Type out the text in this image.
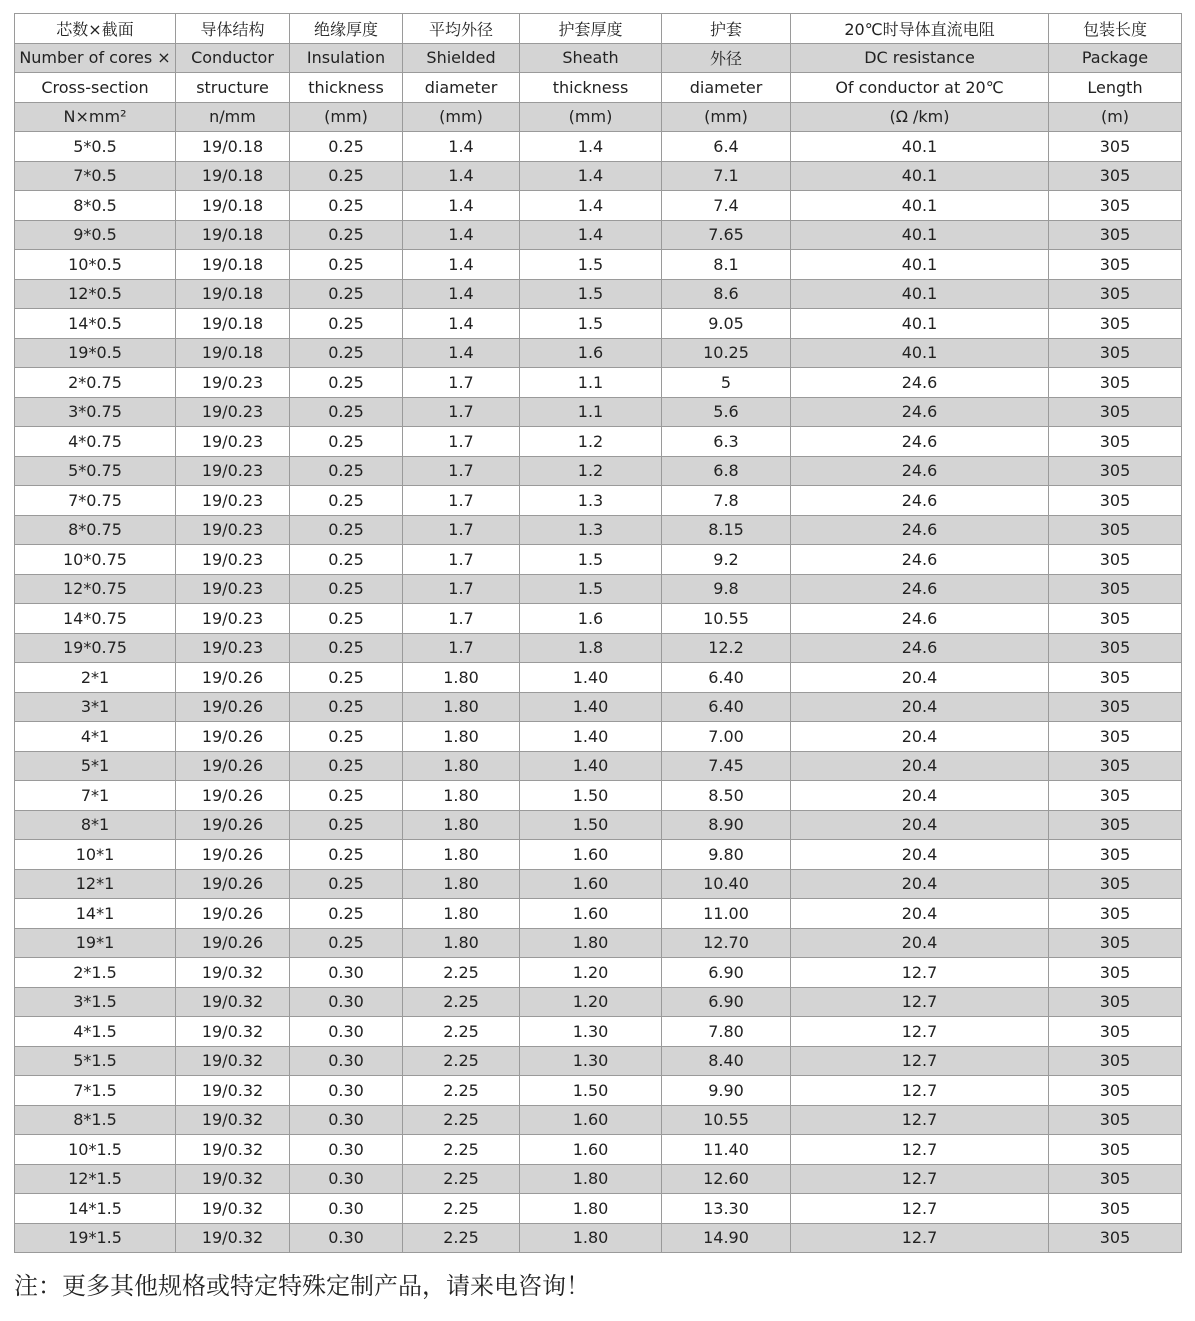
芯数×截面	导体结构	绝缘厚度	平均外径	护套厚度	护套	20℃时导体直流电阻	包装长度
Number of cores ×	Conductor	Insulation	Shielded	Sheath	外径	DC resistance	Package
Cross-section	structure	thickness	diameter	thickness	diameter	Of conductor at 20℃	Length
N×mm²	n/mm	(mm)	(mm)	(mm)	(mm)	(Ω /km)	(m)
5*0.5	19/0.18	0.25	1.4	1.4	6.4	40.1	305
7*0.5	19/0.18	0.25	1.4	1.4	7.1	40.1	305
8*0.5	19/0.18	0.25	1.4	1.4	7.4	40.1	305
9*0.5	19/0.18	0.25	1.4	1.4	7.65	40.1	305
10*0.5	19/0.18	0.25	1.4	1.5	8.1	40.1	305
12*0.5	19/0.18	0.25	1.4	1.5	8.6	40.1	305
14*0.5	19/0.18	0.25	1.4	1.5	9.05	40.1	305
19*0.5	19/0.18	0.25	1.4	1.6	10.25	40.1	305
2*0.75	19/0.23	0.25	1.7	1.1	5	24.6	305
3*0.75	19/0.23	0.25	1.7	1.1	5.6	24.6	305
4*0.75	19/0.23	0.25	1.7	1.2	6.3	24.6	305
5*0.75	19/0.23	0.25	1.7	1.2	6.8	24.6	305
7*0.75	19/0.23	0.25	1.7	1.3	7.8	24.6	305
8*0.75	19/0.23	0.25	1.7	1.3	8.15	24.6	305
10*0.75	19/0.23	0.25	1.7	1.5	9.2	24.6	305
12*0.75	19/0.23	0.25	1.7	1.5	9.8	24.6	305
14*0.75	19/0.23	0.25	1.7	1.6	10.55	24.6	305
19*0.75	19/0.23	0.25	1.7	1.8	12.2	24.6	305
2*1	19/0.26	0.25	1.80	1.40	6.40	20.4	305
3*1	19/0.26	0.25	1.80	1.40	6.40	20.4	305
4*1	19/0.26	0.25	1.80	1.40	7.00	20.4	305
5*1	19/0.26	0.25	1.80	1.40	7.45	20.4	305
7*1	19/0.26	0.25	1.80	1.50	8.50	20.4	305
8*1	19/0.26	0.25	1.80	1.50	8.90	20.4	305
10*1	19/0.26	0.25	1.80	1.60	9.80	20.4	305
12*1	19/0.26	0.25	1.80	1.60	10.40	20.4	305
14*1	19/0.26	0.25	1.80	1.60	11.00	20.4	305
19*1	19/0.26	0.25	1.80	1.80	12.70	20.4	305
2*1.5	19/0.32	0.30	2.25	1.20	6.90	12.7	305
3*1.5	19/0.32	0.30	2.25	1.20	6.90	12.7	305
4*1.5	19/0.32	0.30	2.25	1.30	7.80	12.7	305
5*1.5	19/0.32	0.30	2.25	1.30	8.40	12.7	305
7*1.5	19/0.32	0.30	2.25	1.50	9.90	12.7	305
8*1.5	19/0.32	0.30	2.25	1.60	10.55	12.7	305
10*1.5	19/0.32	0.30	2.25	1.60	11.40	12.7	305
12*1.5	19/0.32	0.30	2.25	1.80	12.60	12.7	305
14*1.5	19/0.32	0.30	2.25	1.80	13.30	12.7	305
19*1.5	19/0.32	0.30	2.25	1.80	14.90	12.7	305
注：更多其他规格或特定特殊定制产品，请来电咨询！
